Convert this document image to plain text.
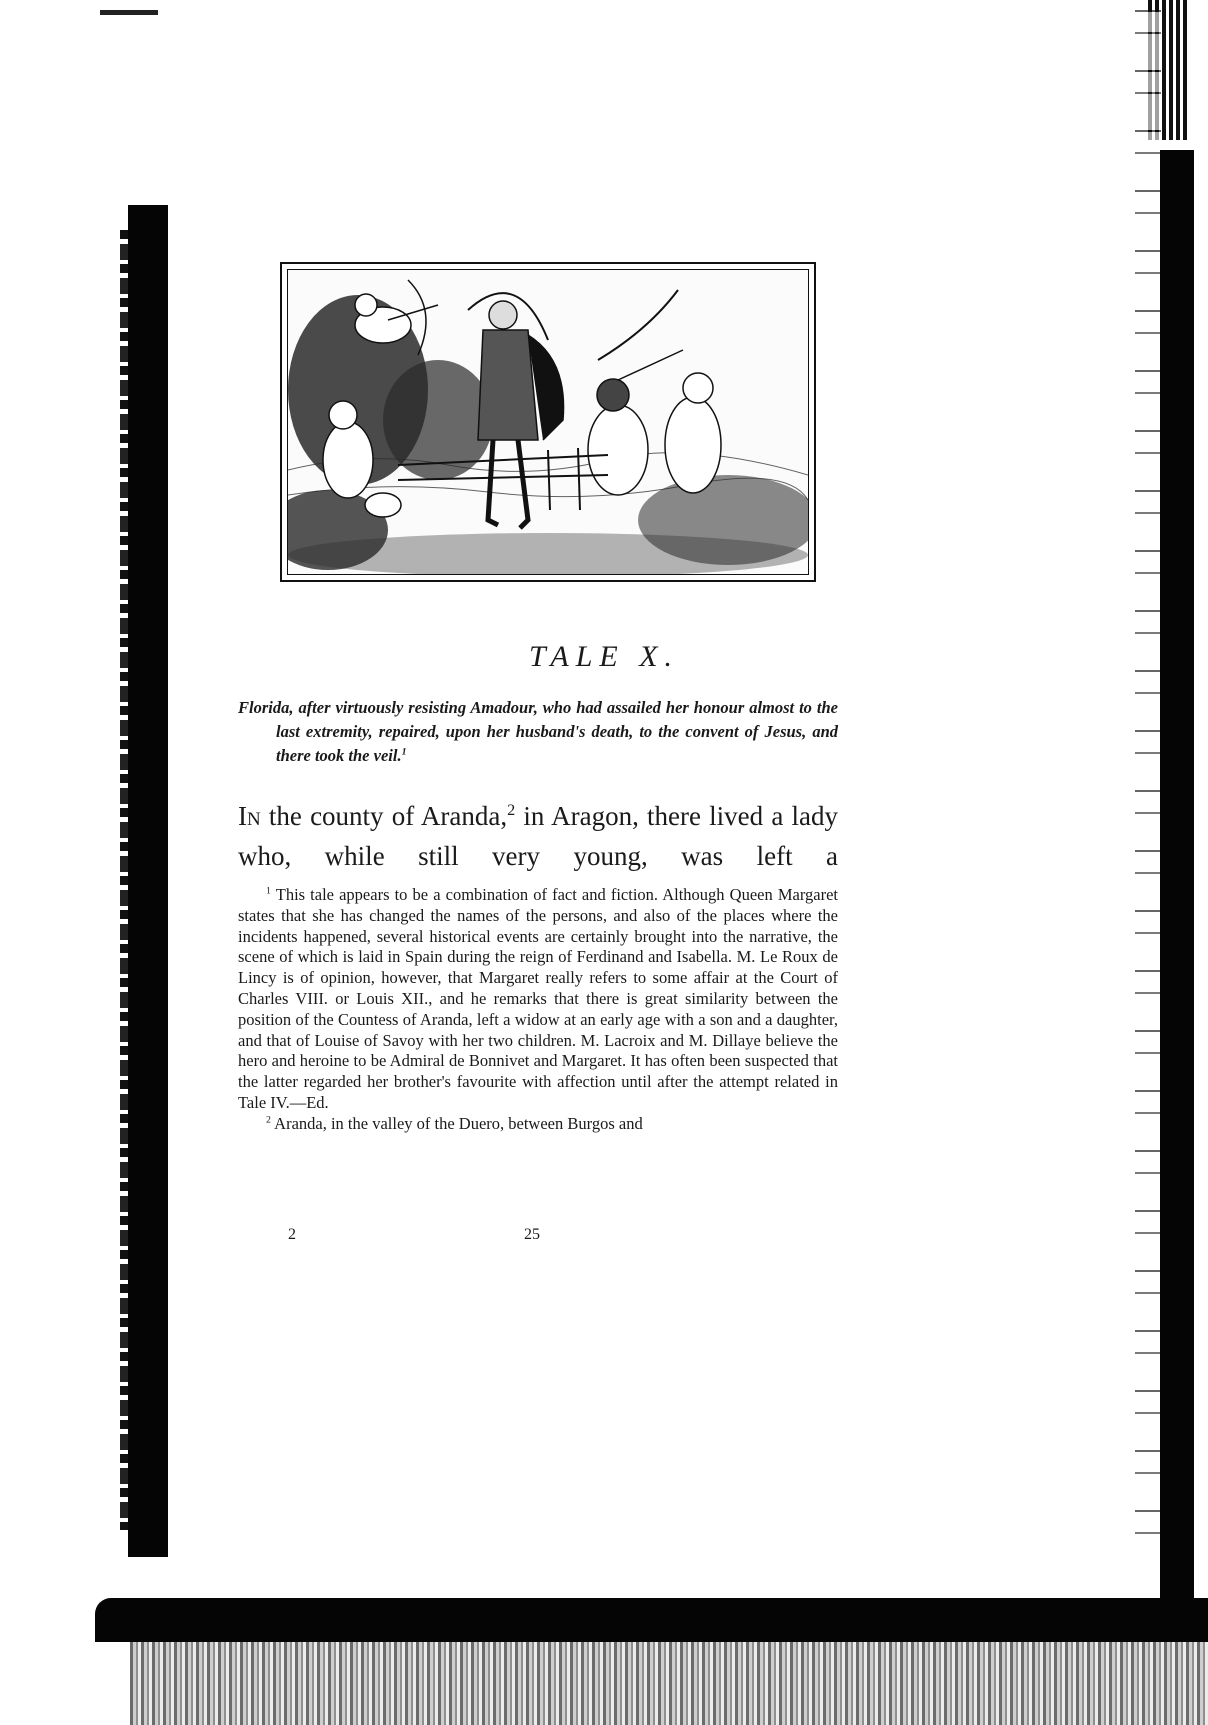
TALE X.
Florida, after virtuously resisting Amadour, who had assailed her honour almost to the last extremity, repaired, upon her husband's death, to the convent of Jesus, and there took the veil.$^1$
In the county of Aranda,$^2$ in Aragon, there lived a lady who, while still very young, was left a

$^1$ This tale appears to be a combination of fact and fiction. Although Queen Margaret states that she has changed the names of the persons, and also of the places where the incidents happened, several historical events are certainly brought into the narrative, the scene of which is laid in Spain during the reign of Ferdinand and Isabella. M. Le Roux de Lincy is of opinion, however, that Margaret really refers to some affair at the Court of Charles VIII. or Louis XII., and he remarks that there is great similarity between the position of the Countess of Aranda, left a widow at an early age with a son and a daughter, and that of Louise of Savoy with her two children. M. Lacroix and M. Dillaye believe the hero and heroine to be Admiral de Bonnivet and Margaret. It has often been suspected that the latter regarded her brother's favourite with affection until after the attempt related in Tale IV.—Ed.

$^2$ Aranda, in the valley of the Duero, between Burgos and

2	25
